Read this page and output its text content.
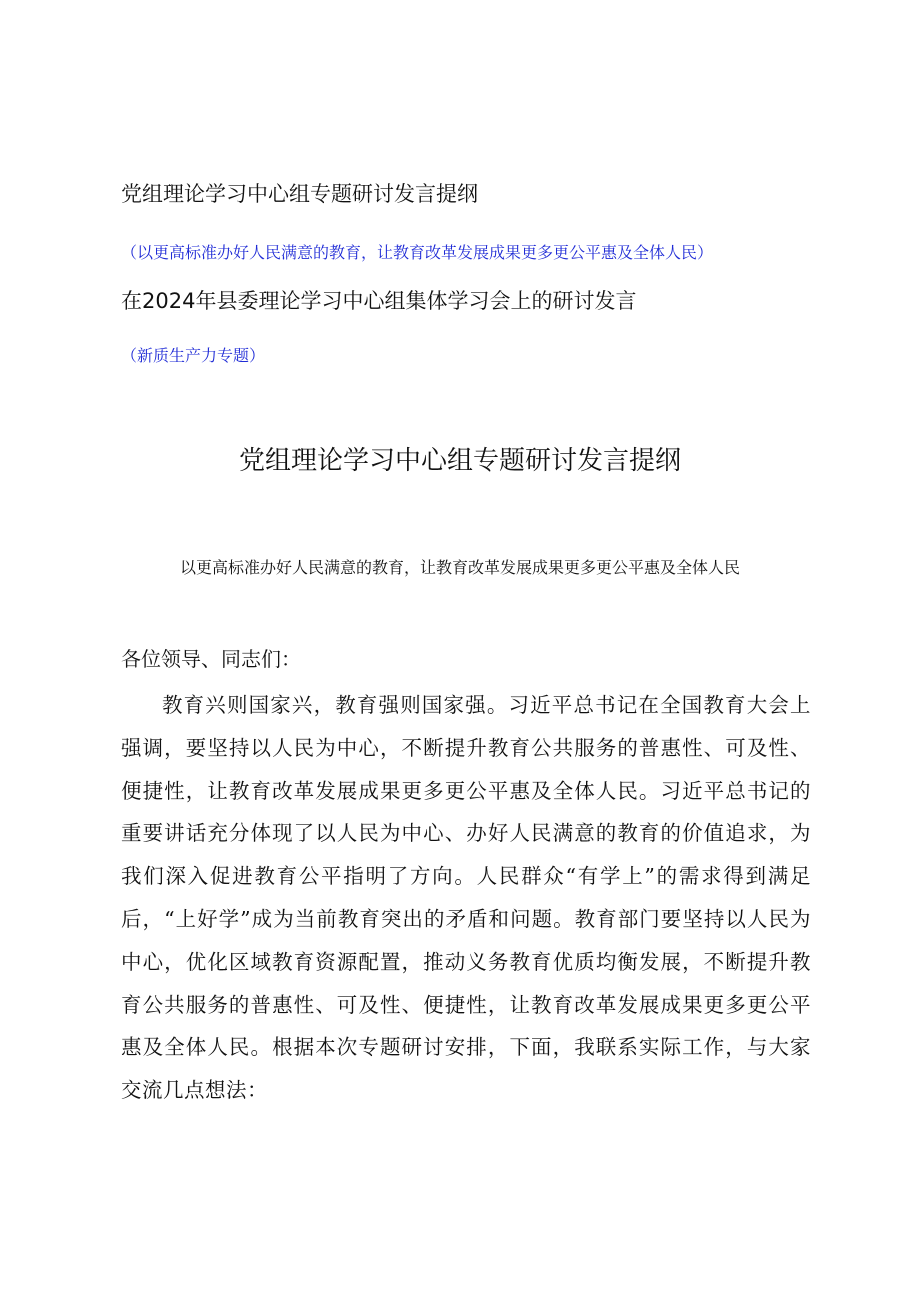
党组理论学习中心组专题研讨发言提纲
（以更高标准办好人民满意的教育，让教育改革发展成果更多更公平惠及全体人民）
在2024年县委理论学习中心组集体学习会上的研讨发言
（新质生产力专题）
党组理论学习中心组专题研讨发言提纲
以更高标准办好人民满意的教育，让教育改革发展成果更多更公平惠及全体人民
各位领导、同志们：

教育兴则国家兴，教育强则国家强。习近平总书记在全国教育大会上强调，要坚持以人民为中心，不断提升教育公共服务的普惠性、可及性、便捷性，让教育改革发展成果更多更公平惠及全体人民。习近平总书记的重要讲话充分体现了以人民为中心、办好人民满意的教育的价值追求，为我们深入促进教育公平指明了方向。人民群众“有学上”的需求得到满足后，“上好学”成为当前教育突出的矛盾和问题。教育部门要坚持以人民为中心，优化区域教育资源配置，推动义务教育优质均衡发展，不断提升教育公共服务的普惠性、可及性、便捷性，让教育改革发展成果更多更公平惠及全体人民。根据本次专题研讨安排，下面，我联系实际工作，与大家交流几点想法：
